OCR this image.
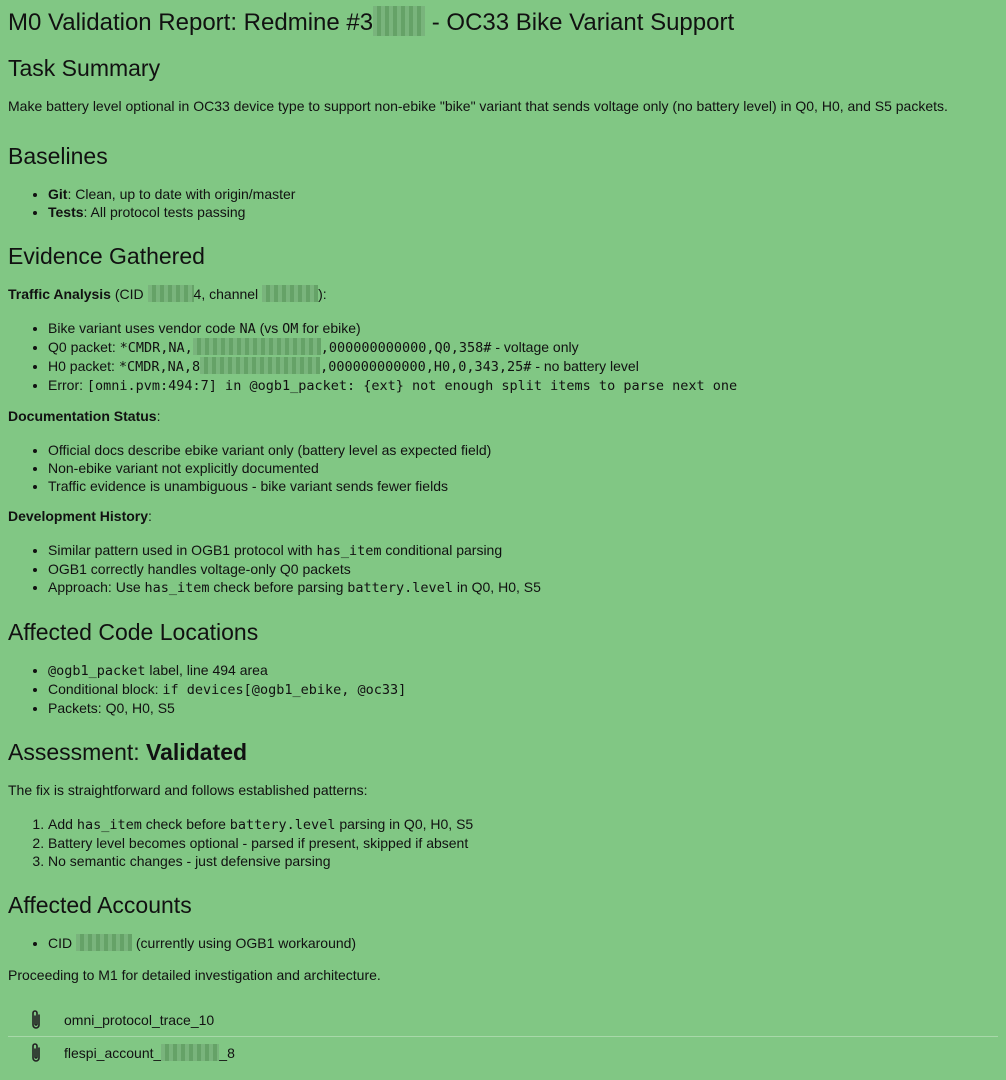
M0 Validation Report: Redmine #3 - OC33 Bike Variant Support
Task Summary

Make battery level optional in OC33 device type to support non-ebike "bike" variant that sends voltage only (no battery level) in Q0, H0, and S5 packets.

Baselines
• Git: Clean, up to date with origin/master
• Tests: All protocol tests passing
Evidence Gathered

Traffic Analysis (CID	4, channel	):

• Bike variant uses vendor code NA (vs OM for ebike)
• Q0 packet: *CMDR,NA,	,000000000000,Q0,358# - voltage only
• H0 packet: *CMDR,NA,8	,000000000000,H0,0,343,25# - no battery level
• Error: [omni.pvm:494:7] in @ogb1_packet: {ext} not enough split items to parse next one

Documentation Status:

• Official docs describe ebike variant only (battery level as expected field)
• Non-ebike variant not explicitly documented
• Traffic evidence is unambiguous - bike variant sends fewer fields

Development History:

• Similar pattern used in OGB1 protocol with has_item conditional parsing
• OGB1 correctly handles voltage-only Q0 packets
• Approach: Use has_item check before parsing battery.level in Q0, H0, S5
Affected Code Locations
• @ogb1_packet label, line 494 area
• Conditional block: if devices[@ogb1_ebike, @oc33]
• Packets: Q0, H0, S5
Assessment: Validated

The fix is straightforward and follows established patterns:

1. Add has_item check before battery.level parsing in Q0, H0, S5
2. Battery level becomes optional - parsed if present, skipped if absent
3. No semantic changes - just defensive parsing
Affected Accounts
• CID	(currently using OGB1 workaround)

Proceeding to M1 for detailed investigation and architecture.

omni_protocol_trace_10
flespi_account_	_8
